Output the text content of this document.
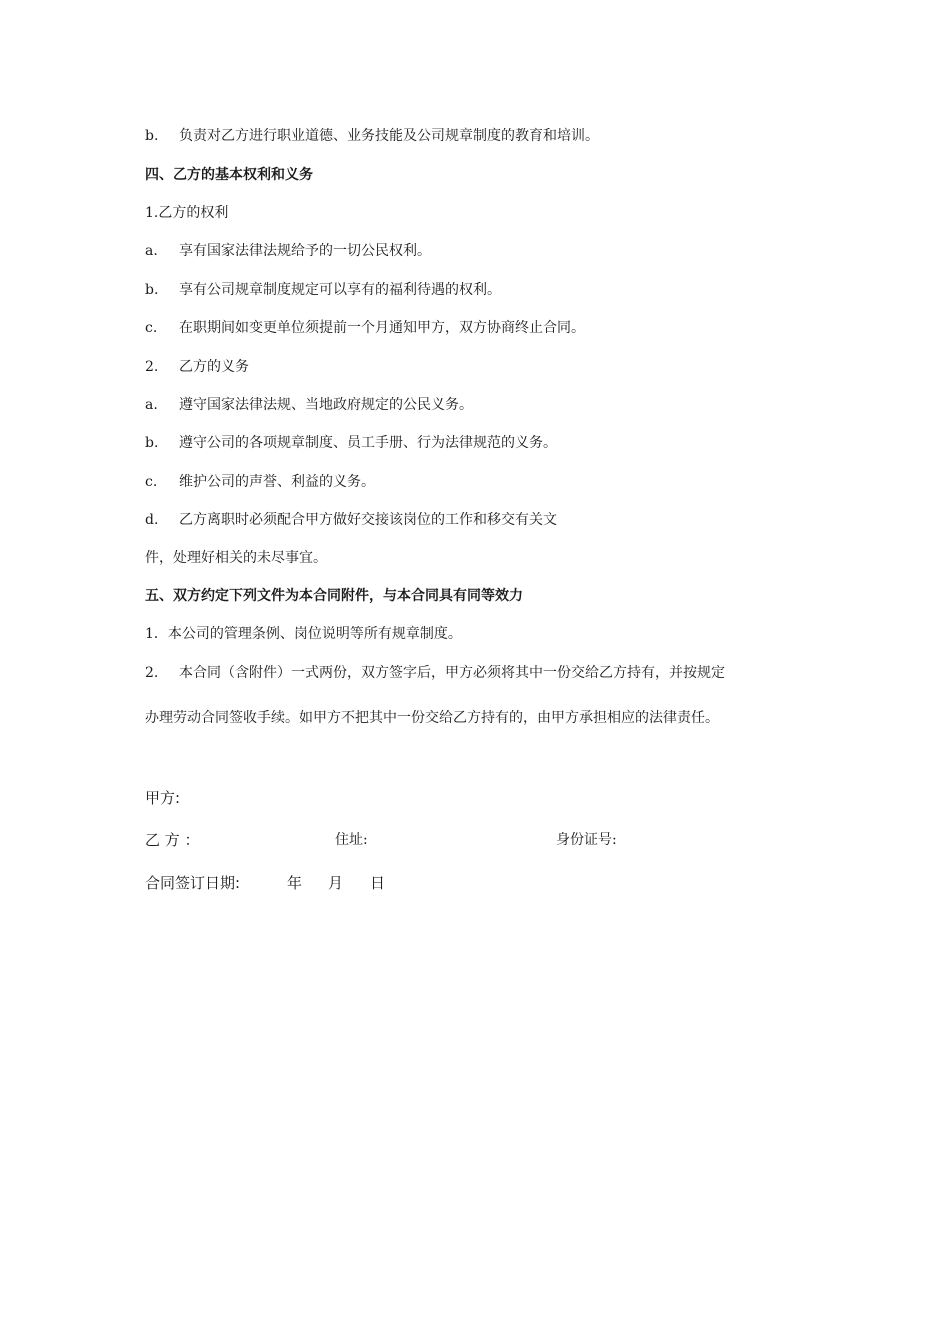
b. 负责对乙方进行职业道德、业务技能及公司规章制度的教育和培训。
四、乙方的基本权利和义务
1.乙方的权利
a. 享有国家法律法规给予的一切公民权利。
b. 享有公司规章制度规定可以享有的福利待遇的权利。
c. 在职期间如变更单位须提前一个月通知甲方，双方协商终止合同。
2. 乙方的义务
a. 遵守国家法律法规、当地政府规定的公民义务。
b. 遵守公司的各项规章制度、员工手册、行为法律规范的义务。
c. 维护公司的声誉、利益的义务。
d. 乙方离职时必须配合甲方做好交接该岗位的工作和移交有关文
件，处理好相关的未尽事宜。
五、双方约定下列文件为本合同附件，与本合同具有同等效力
1．本公司的管理条例、岗位说明等所有规章制度。
2. 本合同（含附件）一式两份，双方签字后，甲方必须将其中一份交给乙方持有，并按规定
办理劳动合同签收手续。如甲方不把其中一份交给乙方持有的，由甲方承担相应的法律责任。
甲方:
乙 方 ：	住址:	身份证号:
合同签订日期:	年 月 日
